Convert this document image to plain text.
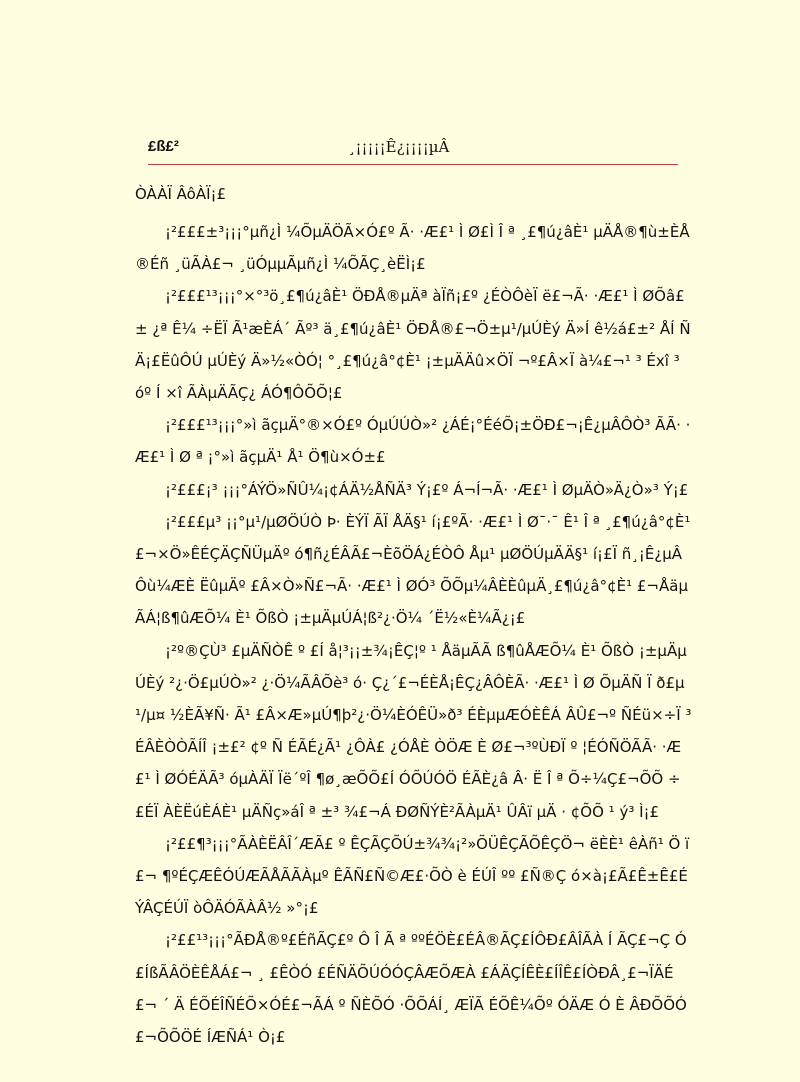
£ß£²	¸¡¡¡¡¡Ê¿¡¡¡¡µÂ
ÒÀÀÏ ÂôÀÏ¡£

¡²£££±³¡¡¡°µñ¿Ì ¼ÕµÄÖÃ×Ó£º Ã· ·Æ£¹ Ì Ø£Ì Î ª ¸£¶ú¿âÈ¹ µÄÅ®¶ù±ÈÅ®Éñ ¸üÃÀ£¬ ¸üÓµµÃµñ¿Ì ¼ÕÃÇ¸èËÌ¡£

¡²£££¹³¡¡¡°×°³ö¸£¶ú¿âÈ¹ ÖÐÅ®µÄª àÏñ¡£º ¿ÉÒÔèÏ ë£¬Ã· ·Æ£¹ Ì ØÕâ£± ¿ª Ê¼ ÷ËÏ Ã¹æÈÁ´ Ãº³ ä¸£¶ú¿âÈ¹ ÖÐÅ®£¬Ö±µ¹/µÚÈý Ä»Í ê½á£±² ÅÍ Ñ Ä¡£ËûÔÚ µÚÈý Ä»½«ÒÓ¦ °¸£¶ú¿â°¢È¹ ¡±µÄÄû×ÖÏ ¬º£Â×Ï à¼£¬¹ ³ Éxî ³ óº Í ×î ÃÀµÄÃÇ¿ ÁÓ¶ÔÕÕ¦£

¡²£££¹³¡¡¡°»ì ãçµÄ°®×Ó£º ÓµÚÚÒ»² ¿ÁÉ¡°ÉéÕ¡±ÖÐ£¬¡Ê¿µÂÔÒ³ ÃÃ· ·Æ£¹ Ì Ø ª ¡°»ì ãçµÄ¹ Å¹ Ö¶ù×Ó±£

¡²£££¡³ ¡¡¡°ÁÝÖ»ÑÛ¼¡¢ÁÄ½ÅÑÄ³ Ý¡£º Á¬Í¬Ã· ·Æ£¹ Ì ØµÄÒ»Ä¿Ò»³ Ý¡£

¡²£££µ³ ¡¡°µ¹/µØÖÚÒ Þ· ÈÝÏ ÃÏ ÅÄ§¹ í¡£ºÃ· ·Æ£¹ Ì Ø¯·¯ Ê¹ Î ª ¸£¶ú¿â°¢È¹ £¬×Ö»ÊÉÇÄÇÑÜµÄº ó¶ñ¿ÉÂÃ£¬ÈõÖÁ¿ÉÒÔ Åµ¹ µØÖÚµÄÄ§¹ í¡£Ï ñ¸¡Ê¿µÂÔù¼ÆÈ ËûµÄº £Â×Ò»Ñ£¬Ã· ·Æ£¹ Ì ØÓ³ ÕÕµ¼ÂÈÈûµÄ¸£¶ú¿â°¢È¹ £¬ÅäµÃÁ¦ß¶ûÆÕ¼ È¹ ÕßÒ ¡±µÄµÚÁ¦ß²¿·Ö¼ ´Ë½«È¼Ã¿¡£

¡²º®ÇÙ³ £µÄÑÒÊ º £Í å¦³¡¡±¾¡ÊÇ¦º ¹ ÅäµÃÃ ß¶ûÅÆÕ¼ È¹ ÕßÒ ¡±µÄµÚÈý ²¿·Ö£µÚÒ»² ¿·Ö¼ÃÂÕè³ ó· Ç¿´£¬ÉÈÅ¡ÊÇ¿ÂÔÈÃ· ·Æ£¹ Ì Ø ÕµÄÑ Ï ð£µ¹/µ¤ ½ÈÃ¥Ñ· Ã¹ £Â×Æ»µÚ¶þ²¿·Ö¼ÈÓÊÜ»ð³ ÉÈµµÆÓÈÊÁ ÂÛ£¬º ÑÉü×÷Ï ³ ÉÂÈÒÒÃÍÎ ¡±£² ¢º Ñ ÉÃÉ¿Ã¹ ¿ÔÀ£ ¿ÓÅÈ ÒÖÆ È Ø£¬³ºÙÐÏ º ¦ÉÓÑÖÃÃ· ·Æ£¹ Ì ØÓÉÄÃ³ óµÀÄÏ Ïë´ºÎ ¶ø¸æÕÕ£Í ÓÕÚÓÖ ÉÃÈ¿â Â· Ë Î ª Õ÷¼Ç£¬ÕÕ ÷ £ÉÏ ÀÈËúÈÁÈ¹ µÄÑç»áÎ ª ±³ ¾£¬Á ÐØÑÝÈ²ÃÀµÄ¹ ÛÂï µÄ · ¢ÕÕ ¹ ý³ Ì¡£

¡²££¶³¡¡¡°ÃÀÈËÂÎ´ÆÃ£ º ÊÇÃÇÕÚ±¾¾¡²»ÕÜÊÇÃÕÊÇÖ¬ ëÈÈ¹ êÀñ¹ Ö ï£¬ ¶ºÉÇÆÊÓÚÆÃÅÃÃÀµº ÊÃÑ£Ñ©Æ£·ÕÒ è ÉÚÎ ºº £Ñ®Ç ó×à¡£Ã£Ê±Ê£ÉÝÂÇÉÚÏ òÔÄÓÃÀÂ½ »°¡£

¡²££¹³¡¡¡°ÃÐÅ®º£ÉñÃÇ£º Ô Î Ã ª ººÉÖÈ£ÉÂ®ÃÇ£ÍÔÐ£ÂÎÃÀ Í ÃÇ£¬Ç Ó£ÍßÃÂÖÈÊÅÁ£¬ ¸ £ÊÒÓ £ÉÑÄÕÚÓÓÇÂÆÕÆÀ £ÁÄÇÍÊÈ£ÍÎÊ£ÍÒÐÂ¸£¬ÏÄÉ£¬ ´ Ä ÉÕÉÎÑÉÕ×ÓÉ£¬ÃÁ º ÑÈÕÓ ·ÕÕÁÍ¸ ÆÏÃ ÉÕÊ¼Õº ÓÄÆ Ó È ÂÐÕÕÓ £¬ÕÕÖÉ ÍÆÑÁ¹ Ò¡£
